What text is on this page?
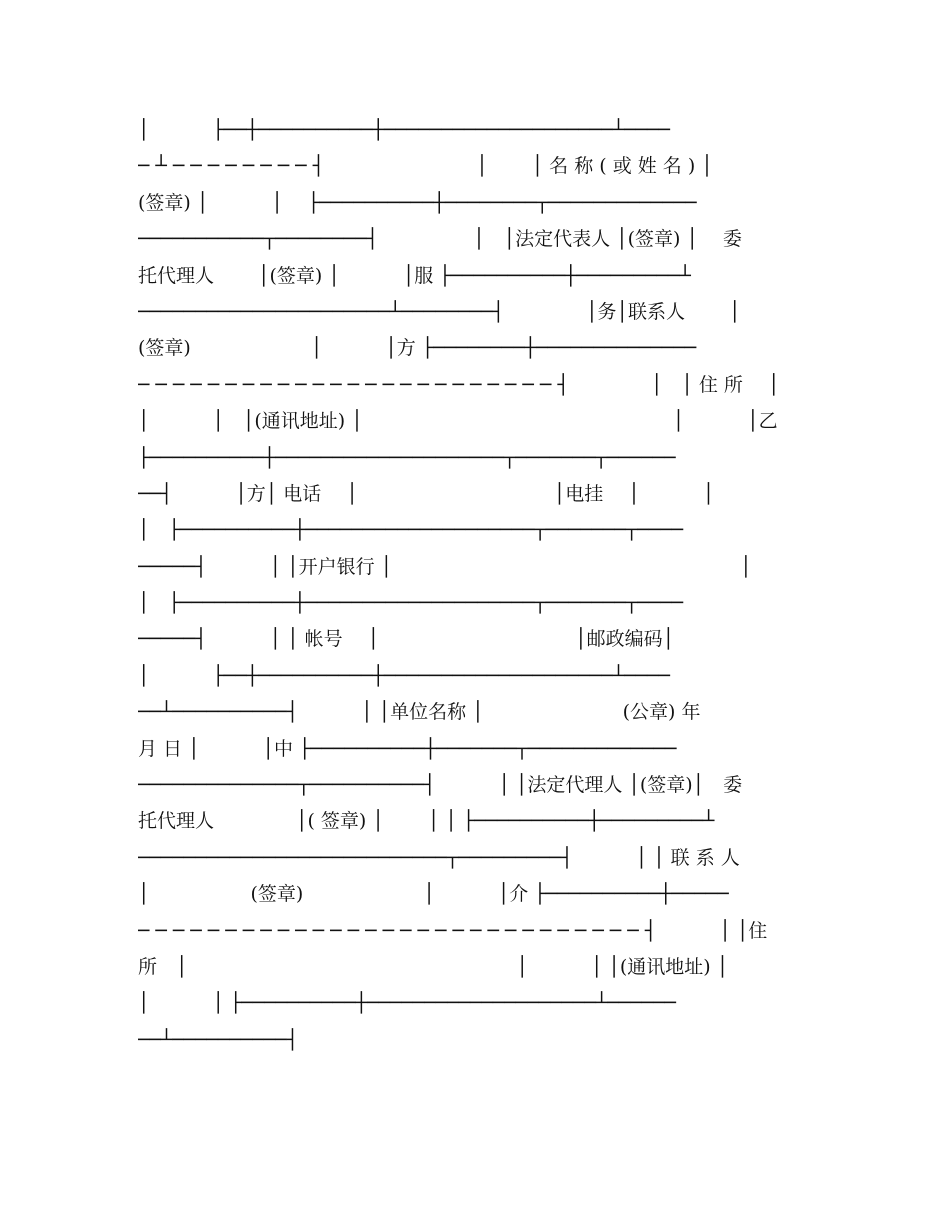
│　　　 ├──┼──────────┼────────────────────┴────
─ ┴ ─ ─ ─ ─ ─ ─ ─ ─ ┤　　　　　　　　│　 　│ 名 称 ( 或 姓 名 ) │
(签章) │　　　 │ 　├──────────┼────────┬─────────────
───────────┬────────┤　　　　　│　│法定代表人 │(签章) │　 委
托代理人　　 │(签章) │　　　 │服 ├──────────┼─────────┴
──────────────────────┴────────┤　　　　 │务│联系人　　 │
(签章)　　　　　　 │　　　 │方 ├────────┼──────────────
─ ─ ─ ─ ─ ─ ─ ─ ─ ─ ─ ─ ─ ─ ─ ─ ─ ─ ─ ─ ─ ─ ─ ─ ┤　　　　 │　│ 住 所　 │
│　　　 │　│(通讯地址) │　　　　　　　　　　　　　　　　 │　　　 │乙
├──────────┼────────────────────┬───────┬──────
──┤　　　 │方│ 电话　 │　　　　　　　　　　 │电挂　 │　　　 │
│　├──────────┼────────────────────┬───────┬────
─────┤　　　 │ │开户银行 │　　　　　　　　　　　　　　　　　　 │
│　├──────────┼────────────────────┬───────┬────
─────┤　　　 │ │ 帐号　 │　　　　　　　　　　 │邮政编码│
│　　　 ├──┼──────────┼────────────────────┴────
──┴──────────┤　　　 │ │单位名称 │　　　　　　　 (公章) 年
月 日 │　　　 │中 ├──────────┼───────┬─────────────
──────────────┬──────────┤　　　 │ │法定代理人 │(签章)│　委
托代理人　　　　 │( 签章) │　　 │ │ ├──────────┼─────────┴
───────────────────────────┬─────────┤　　　 │ │ 联 系 人
│　　　　　 (签章)　　　　　　 │　　　 │介 ├──────────┼─────
─ ─ ─ ─ ─ ─ ─ ─ ─ ─ ─ ─ ─ ─ ─ ─ ─ ─ ─ ─ ─ ─ ─ ─ ─ ─ ─ ─ ─ ┤　　　 │ │住
所　│　　　　　　　　　　　　　　　　　 │　　　 │ │(通讯地址) │
│　　　 │ ├──────────┼────────────────────┴──────
──┴──────────┤
